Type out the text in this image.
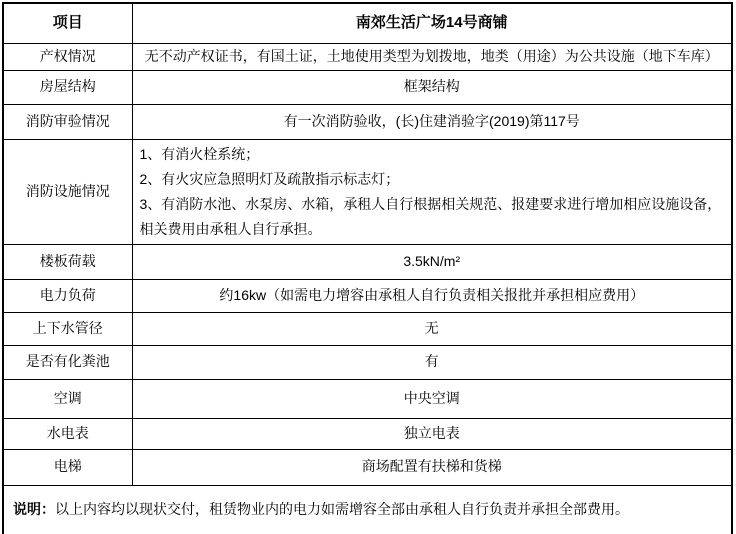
项目	南郊生活广场14号商铺
产权情况	无不动产权证书，有国土证，土地使用类型为划拨地，地类（用途）为公共设施（地下车库）
房屋结构	框架结构
消防审验情况	有一次消防验收，(长)住建消验字(2019)第117号
消防设施情况	1、有消火栓系统；
2、有火灾应急照明灯及疏散指示标志灯；
3、有消防水池、水泵房、水箱，承租人自行根据相关规范、报建要求进行增加相应设施设备，相关费用由承租人自行承担。

楼板荷载	3.5kN/m²
电力负荷	约16kw（如需电力增容由承租人自行负责相关报批并承担相应费用）
上下水管径	无
是否有化粪池	有
空调	中央空调
水电表	独立电表
电梯	商场配置有扶梯和货梯
说明：以上内容均以现状交付，租赁物业内的电力如需增容全部由承租人自行负责并承担全部费用。	
